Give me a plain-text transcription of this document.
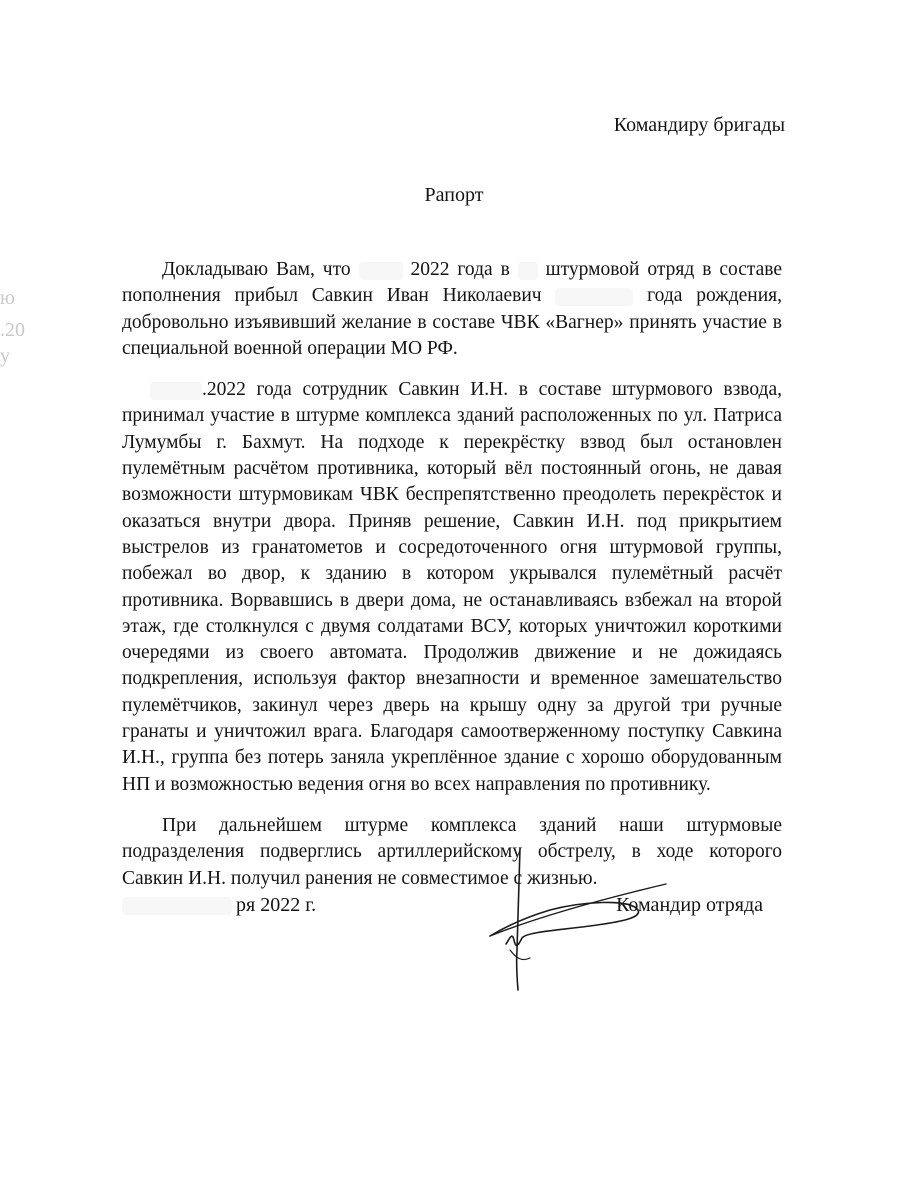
ю
.20
у
Командиру бригады
Рапорт

Докладываю Вам, что	2022 года в штурмовой отряд в составе пополнения прибыл Савкин Иван Николаевич	года рождения, добровольно изъявивший желание в составе ЧВК «Вагнер» принять участие в специальной военной операции МО РФ.

.2022 года сотрудник Савкин И.Н. в составе штурмового взвода, принимал участие в штурме комплекса зданий расположенных по ул. Патриса Лумумбы г. Бахмут. На подходе к перекрёстку взвод был остановлен пулемётным расчётом противника, который вёл постоянный огонь, не давая возможности штурмовикам ЧВК беспрепятственно преодолеть перекрёсток и оказаться внутри двора. Приняв решение, Савкин И.Н. под прикрытием выстрелов из гранатометов и сосредоточенного огня штурмовой группы, побежал во двор, к зданию в котором укрывался пулемётный расчёт противника. Ворвавшись в двери дома, не останавливаясь взбежал на второй этаж, где столкнулся с двумя солдатами ВСУ, которых уничтожил короткими очередями из своего автомата. Продолжив движение и не дожидаясь подкрепления, используя фактор внезапности и временное замешательство пулемётчиков, закинул через дверь на крышу одну за другой три ручные гранаты и уничтожил врага. Благодаря самоотверженному поступку Савкина И.Н., группа без потерь заняла укреплённое здание с хорошо оборудованным НП и возможностью ведения огня во всех направления по противнику.

При дальнейшем штурме комплекса зданий наши штурмовые подразделения подверглись артиллерийскому обстрелу, в ходе которого Савкин И.Н. получил ранения не совместимое с жизнью.

ря 2022 г.	Командир отряда
